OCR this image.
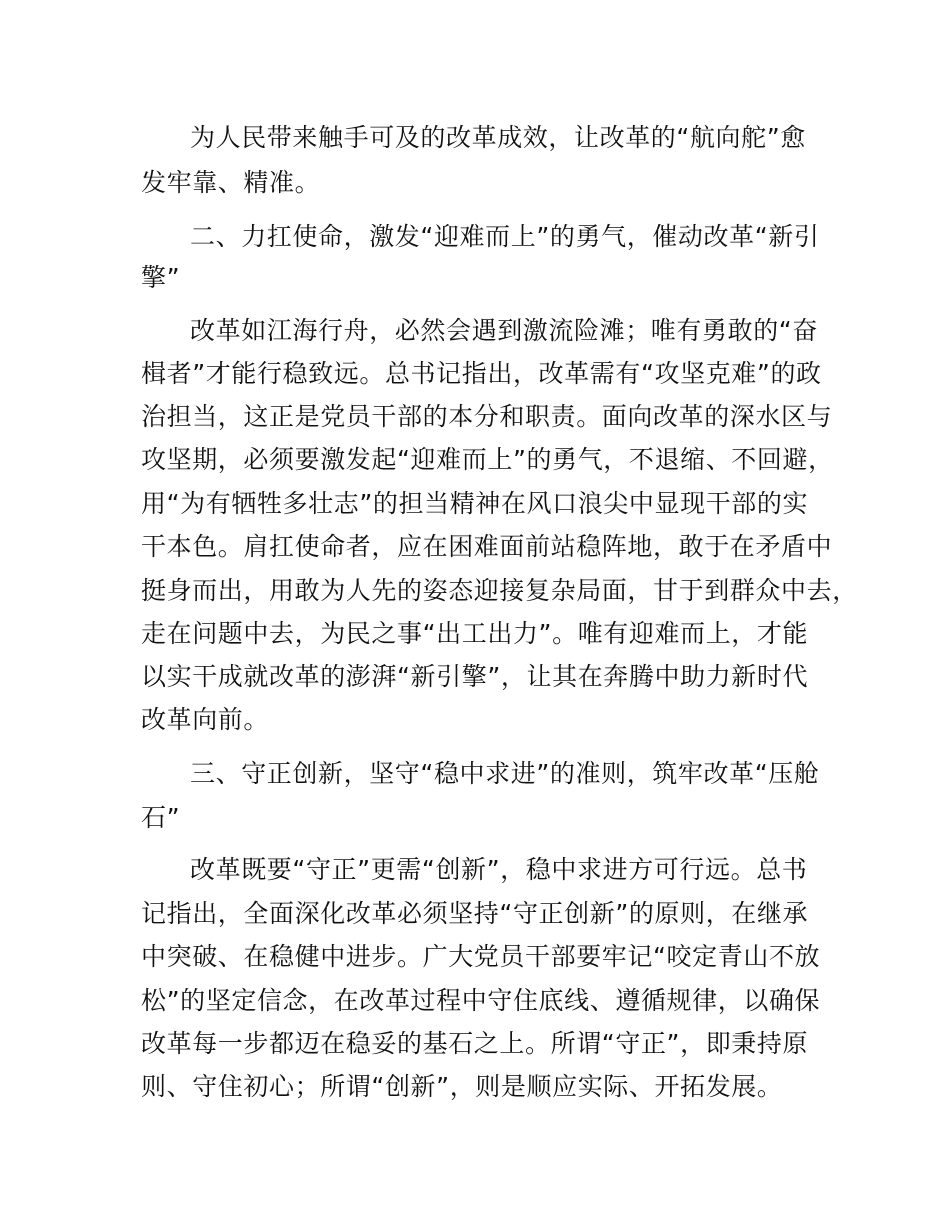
为人民带来触手可及的改革成效，让改革的“航向舵”愈
发牢靠、精准。
二、力扛使命，激发“迎难而上”的勇气，催动改革“新引
擎”
改革如江海行舟，必然会遇到激流险滩；唯有勇敢的“奋
楫者”才能行稳致远。总书记指出，改革需有“攻坚克难”的政
治担当，这正是党员干部的本分和职责。面向改革的深水区与
攻坚期，必须要激发起“迎难而上”的勇气，不退缩、不回避，
用“为有牺牲多壮志”的担当精神在风口浪尖中显现干部的实
干本色。肩扛使命者，应在困难面前站稳阵地，敢于在矛盾中
挺身而出，用敢为人先的姿态迎接复杂局面，甘于到群众中去，
走在问题中去，为民之事“出工出力”。唯有迎难而上，才能
以实干成就改革的澎湃“新引擎”，让其在奔腾中助力新时代
改革向前。
三、守正创新，坚守“稳中求进”的准则，筑牢改革“压舱
石”
改革既要“守正”更需“创新”，稳中求进方可行远。总书
记指出，全面深化改革必须坚持“守正创新”的原则，在继承
中突破、在稳健中进步。广大党员干部要牢记“咬定青山不放
松”的坚定信念，在改革过程中守住底线、遵循规律，以确保
改革每一步都迈在稳妥的基石之上。所谓“守正”，即秉持原
则、守住初心；所谓“创新”，则是顺应实际、开拓发展。
